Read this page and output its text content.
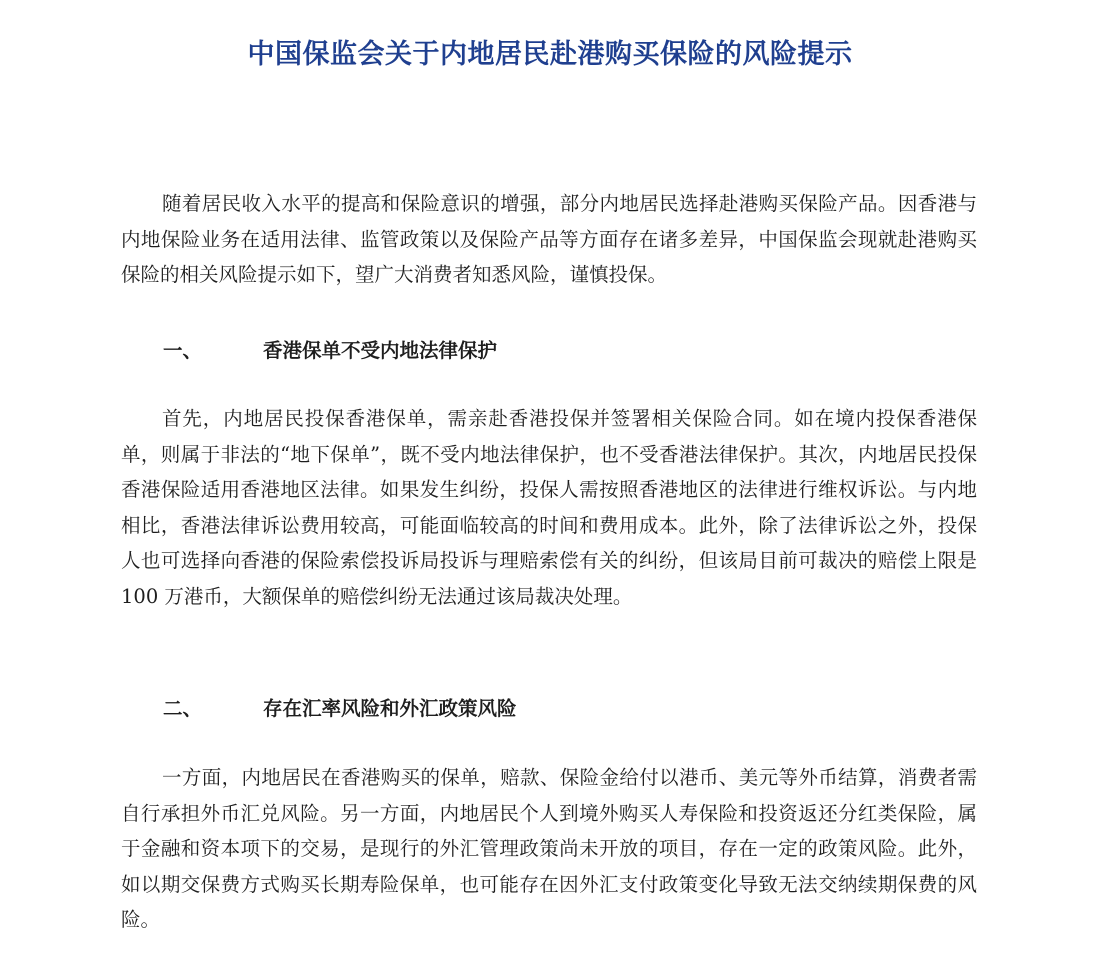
中国保监会关于内地居民赴港购买保险的风险提示

随着居民收入水平的提高和保险意识的增强，部分内地居民选择赴港购买保险产品。因香港与内地保险业务在适用法律、监管政策以及保险产品等方面存在诸多差异，中国保监会现就赴港购买保险的相关风险提示如下，望广大消费者知悉风险，谨慎投保。

一、	香港保单不受内地法律保护

首先，内地居民投保香港保单，需亲赴香港投保并签署相关保险合同。如在境内投保香港保单，则属于非法的“地下保单”，既不受内地法律保护，也不受香港法律保护。其次，内地居民投保香港保险适用香港地区法律。如果发生纠纷，投保人需按照香港地区的法律进行维权诉讼。与内地相比，香港法律诉讼费用较高，可能面临较高的时间和费用成本。此外，除了法律诉讼之外，投保人也可选择向香港的保险索偿投诉局投诉与理赔索偿有关的纠纷，但该局目前可裁决的赔偿上限是 100 万港币，大额保单的赔偿纠纷无法通过该局裁决处理。

二、	存在汇率风险和外汇政策风险

一方面，内地居民在香港购买的保单，赔款、保险金给付以港币、美元等外币结算，消费者需自行承担外币汇兑风险。另一方面，内地居民个人到境外购买人寿保险和投资返还分红类保险，属于金融和资本项下的交易，是现行的外汇管理政策尚未开放的项目，存在一定的政策风险。此外，如以期交保费方式购买长期寿险保单，也可能存在因外汇支付政策变化导致无法交纳续期保费的风险。
